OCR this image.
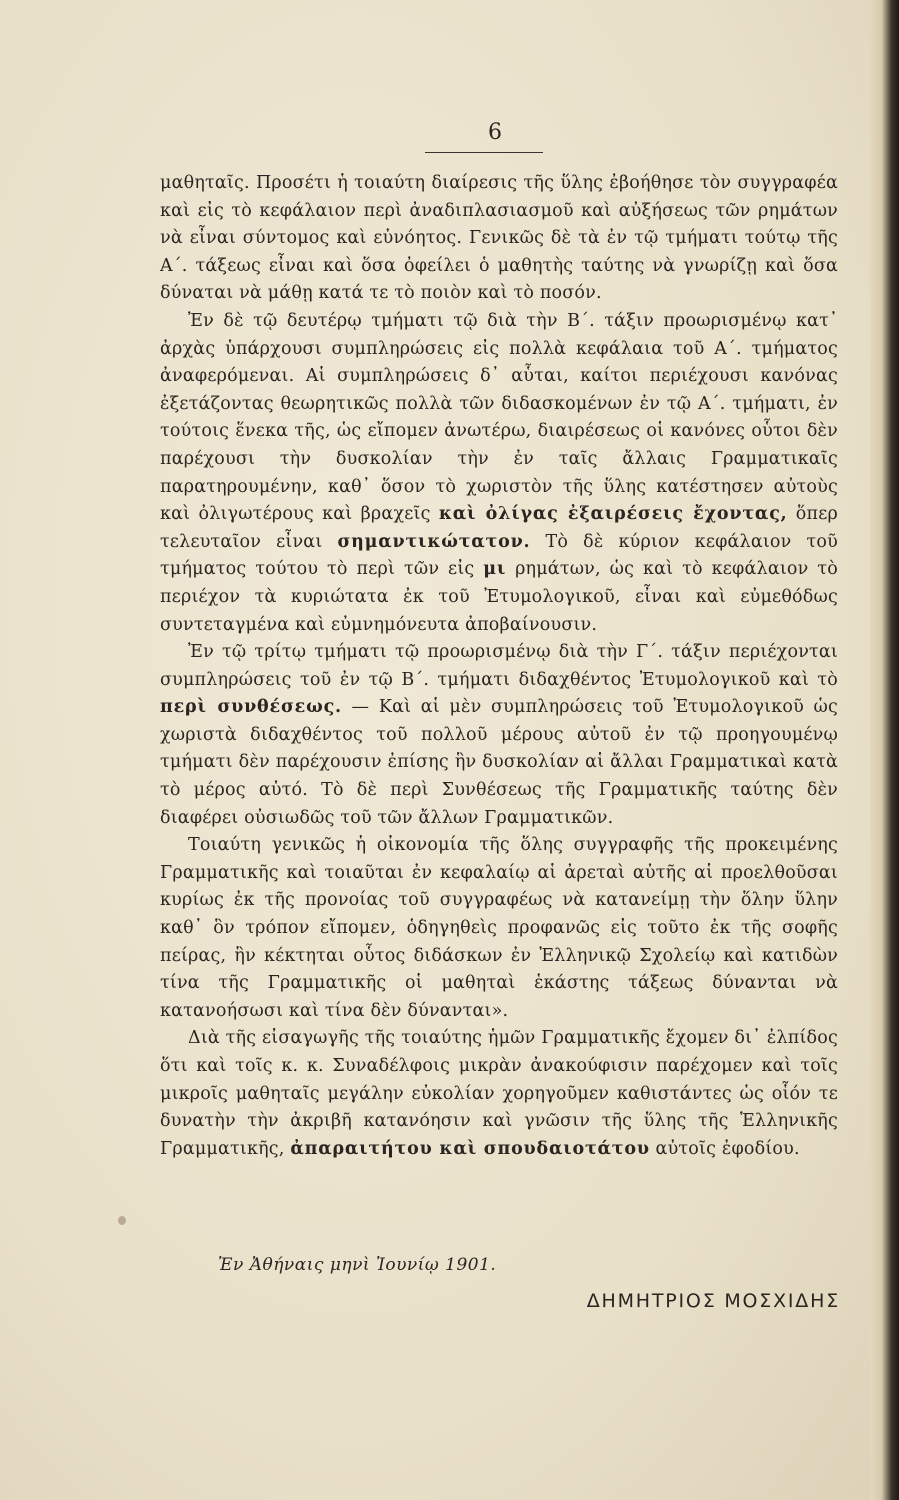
6

μαθηταῖς. Προσέτι ἡ τοιαύτη διαίρεσις τῆς ὕλης ἐβοήθησε τὸν συγγραφέα καὶ εἰς τὸ κεφάλαιον περὶ ἀναδιπλασιασμοῦ καὶ αὐξήσεως τῶν ρημάτων νὰ εἶναι σύντομος καὶ εὐνόητος. Γενικῶς δὲ τὰ ἐν τῷ τμήματι τούτῳ τῆς Α΄. τάξεως εἶναι καὶ ὅσα ὀφείλει ὁ μαθητὴς ταύτης νὰ γνωρίζῃ καὶ ὅσα δύναται νὰ μάθῃ κατά τε τὸ ποιὸν καὶ τὸ ποσόν.

Ἐν δὲ τῷ δευτέρῳ τμήματι τῷ διὰ τὴν Β΄. τάξιν προωρισμένῳ κατ᾽ ἀρχὰς ὑπάρχουσι συμπληρώσεις εἰς πολλὰ κεφάλαια τοῦ Α΄. τμήματος ἀναφερόμεναι. Αἱ συμπληρώσεις δ᾽ αὗται, καίτοι περιέχουσι κανόνας ἐξετάζοντας θεωρητικῶς πολλὰ τῶν διδασκομένων ἐν τῷ Α΄. τμήματι, ἐν τούτοις ἕνεκα τῆς, ὡς εἴπομεν ἀνωτέρω, διαιρέσεως οἱ κανόνες οὗτοι δὲν παρέχουσι τὴν δυσκολίαν τὴν ἐν ταῖς ἄλλαις Γραμματικαῖς παρατηρουμένην, καθ᾽ ὅσον τὸ χωριστὸν τῆς ὕλης κατέστησεν αὐτοὺς καὶ ὀλιγωτέρους καὶ βραχεῖς καὶ ὀλίγας ἐξαιρέσεις ἔχοντας, ὅπερ τελευταῖον εἶναι σημαντικώτατον. Τὸ δὲ κύριον κεφάλαιον τοῦ τμήματος τούτου τὸ περὶ τῶν εἰς μι ρημάτων, ὡς καὶ τὸ κεφάλαιον τὸ περιέχον τὰ κυριώτατα ἐκ τοῦ Ἐτυμολογικοῦ, εἶναι καὶ εὐμεθόδως συντεταγμένα καὶ εὐμνημόνευτα ἀποβαίνουσιν.

Ἐν τῷ τρίτῳ τμήματι τῷ προωρισμένῳ διὰ τὴν Γ΄. τάξιν περιέχονται συμπληρώσεις τοῦ ἐν τῷ Β΄. τμήματι διδαχθέντος Ἐτυμολογικοῦ καὶ τὸ περὶ συνθέσεως. — Καὶ αἱ μὲν συμπληρώσεις τοῦ Ἐτυμολογικοῦ ὡς χωριστὰ διδαχθέντος τοῦ πολλοῦ μέρους αὐτοῦ ἐν τῷ προηγουμένῳ τμήματι δὲν παρέχουσιν ἐπίσης ἣν δυσκολίαν αἱ ἄλλαι Γραμματικαὶ κατὰ τὸ μέρος αὐτό. Τὸ δὲ περὶ Συνθέσεως τῆς Γραμματικῆς ταύτης δὲν διαφέρει οὐσιωδῶς τοῦ τῶν ἄλλων Γραμματικῶν.

Τοιαύτη γενικῶς ἡ οἰκονομία τῆς ὅλης συγγραφῆς τῆς προκειμένης Γραμματικῆς καὶ τοιαῦται ἐν κεφαλαίῳ αἱ ἀρεταὶ αὐτῆς αἱ προελθοῦσαι κυρίως ἐκ τῆς προνοίας τοῦ συγγραφέως νὰ κατανείμῃ τὴν ὅλην ὕλην καθ᾽ ὃν τρόπον εἴπομεν, ὁδηγηθεὶς προφανῶς εἰς τοῦτο ἐκ τῆς σοφῆς πείρας, ἣν κέκτηται οὗτος διδάσκων ἐν Ἑλληνικῷ Σχολείῳ καὶ κατιδὼν τίνα τῆς Γραμματικῆς οἱ μαθηταὶ ἑκάστης τάξεως δύνανται νὰ κατανοήσωσι καὶ τίνα δὲν δύνανται».

Διὰ τῆς εἰσαγωγῆς τῆς τοιαύτης ἡμῶν Γραμματικῆς ἔχομεν δι᾽ ἐλπίδος ὅτι καὶ τοῖς κ. κ. Συναδέλφοις μικρὰν ἀνακούφισιν παρέχομεν καὶ τοῖς μικροῖς μαθηταῖς μεγάλην εὐκολίαν χορηγοῦμεν καθιστάντες ὡς οἷόν τε δυνατὴν τὴν ἀκριβῆ κατανόησιν καὶ γνῶσιν τῆς ὕλης τῆς Ἑλληνικῆς Γραμματικῆς, ἀπαραιτήτου καὶ σπουδαιοτάτου αὐτοῖς ἐφοδίου.

Ἐν Ἀθήναις μηνὶ Ἰουνίῳ 1901.
ΔΗΜΗΤΡΙΟΣ ΜΟΣΧΙΔΗΣ
